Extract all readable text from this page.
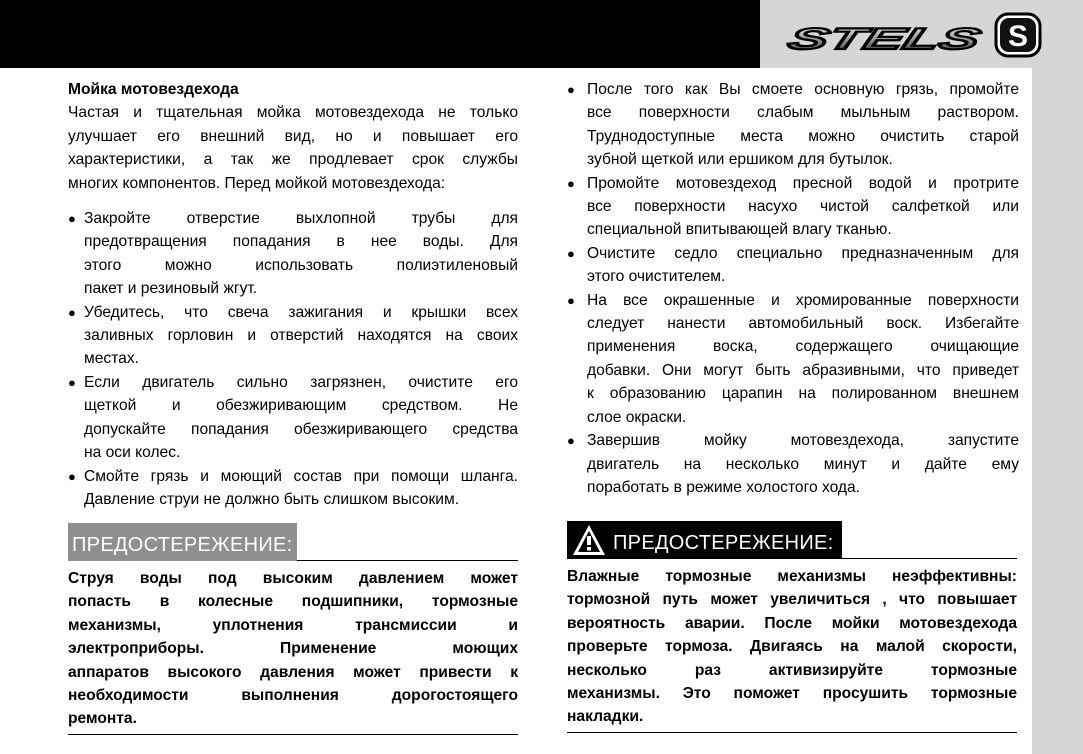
STELS	S
Мойка мотовездехода
Частая и тщательная мойка мотовездехода не только
улучшает его внешний вид, но и повышает его
характеристики, а так же продлевает срок службы
многих компонентов. Перед мойкой мотовездехода:
● Закройте отверстие выхлопной трубы для
предотвращения попадания в нее воды. Для
этого можно использовать полиэтиленовый
пакет и резиновый жгут.
● Убедитесь, что свеча зажигания и крышки всех
заливных горловин и отверстий находятся на своих
местах.
● Если двигатель сильно загрязнен, очистите его
щеткой и обезжиривающим средством. Не
допускайте попадания обезжиривающего средства
на оси колес.
● Смойте грязь и моющий состав при помощи шланга.
Давление струи не должно быть слишком высоким.
ПРЕДОСТЕРЕЖЕНИЕ:
Струя воды под высоким давлением может
попасть в колесные подшипники, тормозные
механизмы, уплотнения трансмиссии и
электроприборы. Применение моющих
аппаратов высокого давления может привести к
необходимости выполнения дорогостоящего
ремонта.
● После того как Вы смоете основную грязь, промойте
все поверхности слабым мыльным раствором.
Труднодоступные места можно очистить старой
зубной щеткой или ершиком для бутылок.
● Промойте мотовездеход пресной водой и протрите
все поверхности насухо чистой салфеткой или
специальной впитывающей влагу тканью.
● Очистите седло специально предназначенным для
этого очистителем.
● На все окрашенные и хромированные поверхности
следует нанести автомобильный воск. Избегайте
применения воска, содержащего очищающие
добавки. Они могут быть абразивными, что приведет
к образованию царапин на полированном внешнем
слое окраски.
● Завершив мойку мотовездехода, запустите
двигатель на несколько минут и дайте ему
поработать в режиме холостого хода.
ПРЕДОСТЕРЕЖЕНИЕ:
Влажные тормозные механизмы неэффективны:
тормозной путь может увеличиться , что повышает
вероятность аварии. После мойки мотовездехода
проверьте тормоза. Двигаясь на малой скорости,
несколько раз активизируйте тормозные
механизмы. Это поможет просушить тормозные
накладки.
